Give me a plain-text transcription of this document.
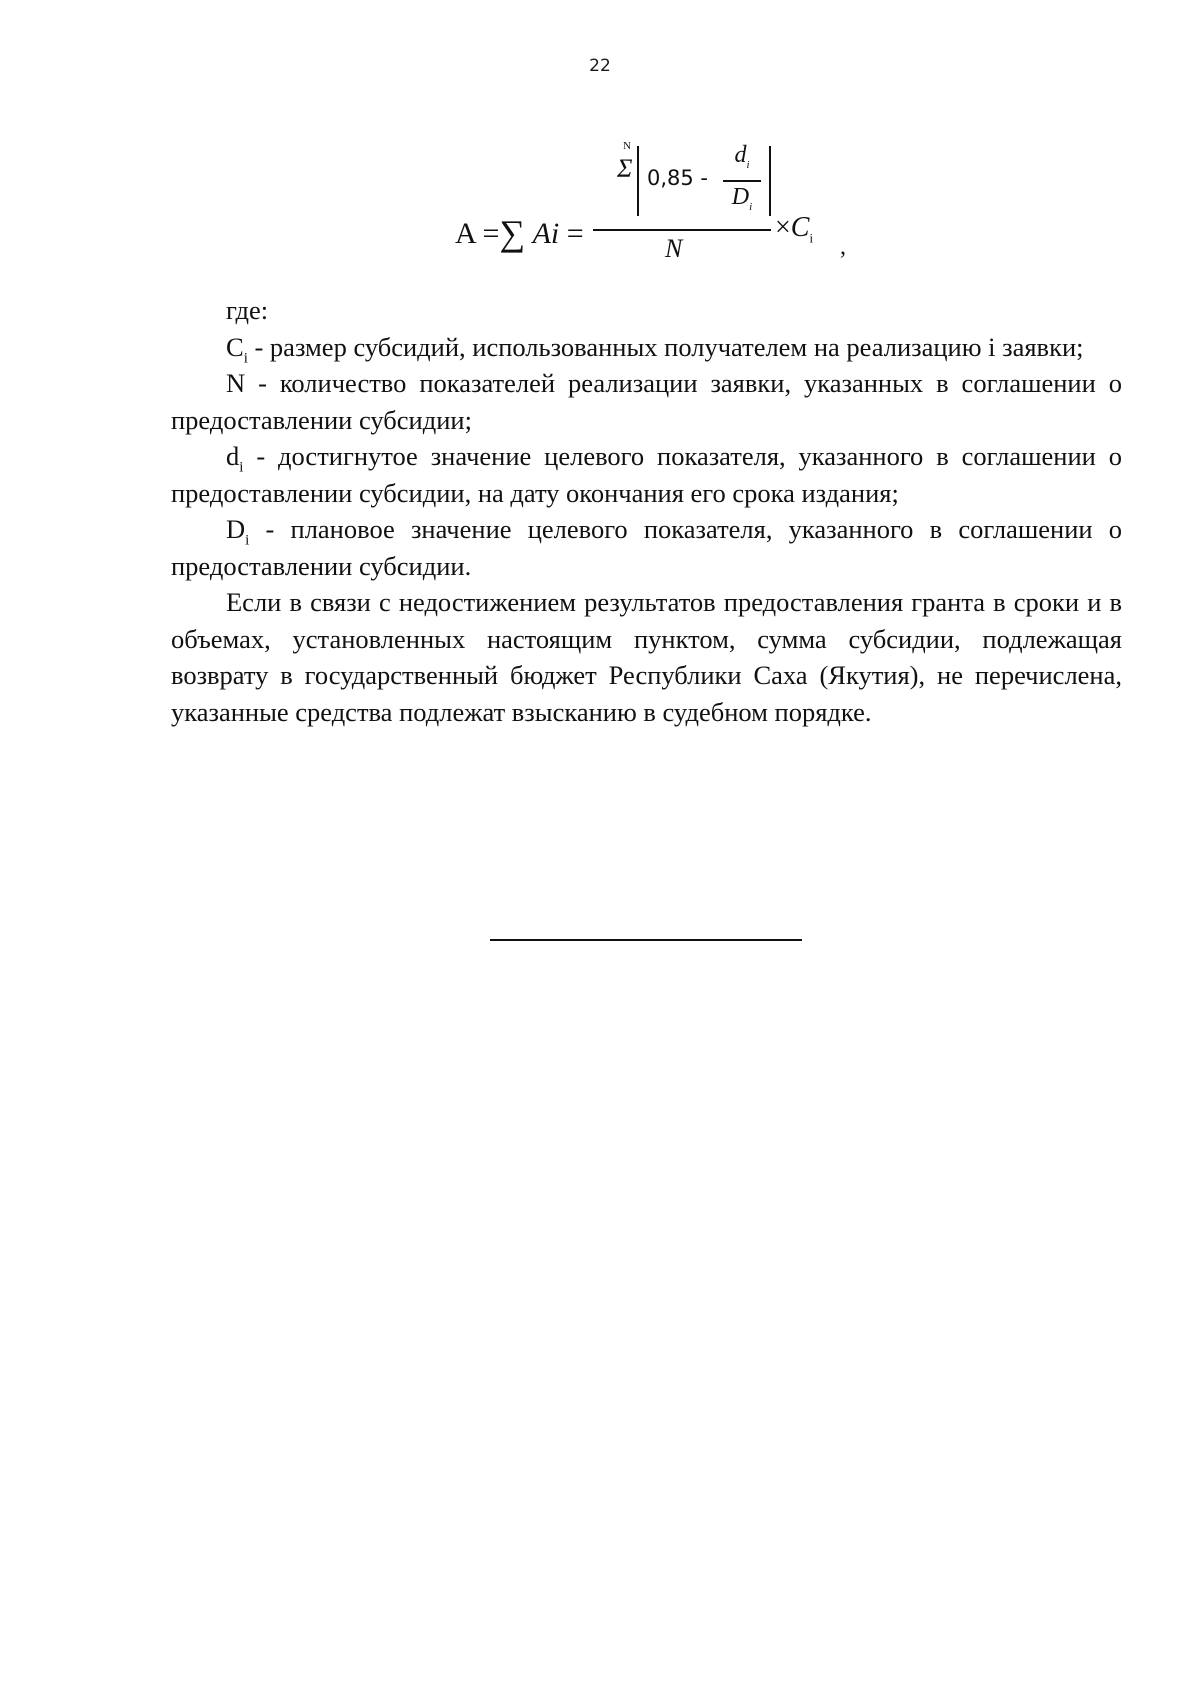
22
A =∑ Ai =
N
Σ 0,85 -
$d_i$
$D_i$
N
$\times C_i$ ,

где:

$C_i$ - размер субсидий, использованных получателем на реализацию i заявки;

N - количество показателей реализации заявки, указанных в соглашении о предоставлении субсидии;

$d_i$ - достигнутое значение целевого показателя, указанного в соглашении о предоставлении субсидии, на дату окончания его срока издания;

$D_i$ - плановое значение целевого показателя, указанного в соглашении о предоставлении субсидии.

Если в связи с недостижением результатов предоставления гранта в сроки и в объемах, установленных настоящим пунктом, сумма субсидии, подлежащая возврату в государственный бюджет Республики Саха (Якутия), не перечислена, указанные средства подлежат взысканию в судебном порядке.
